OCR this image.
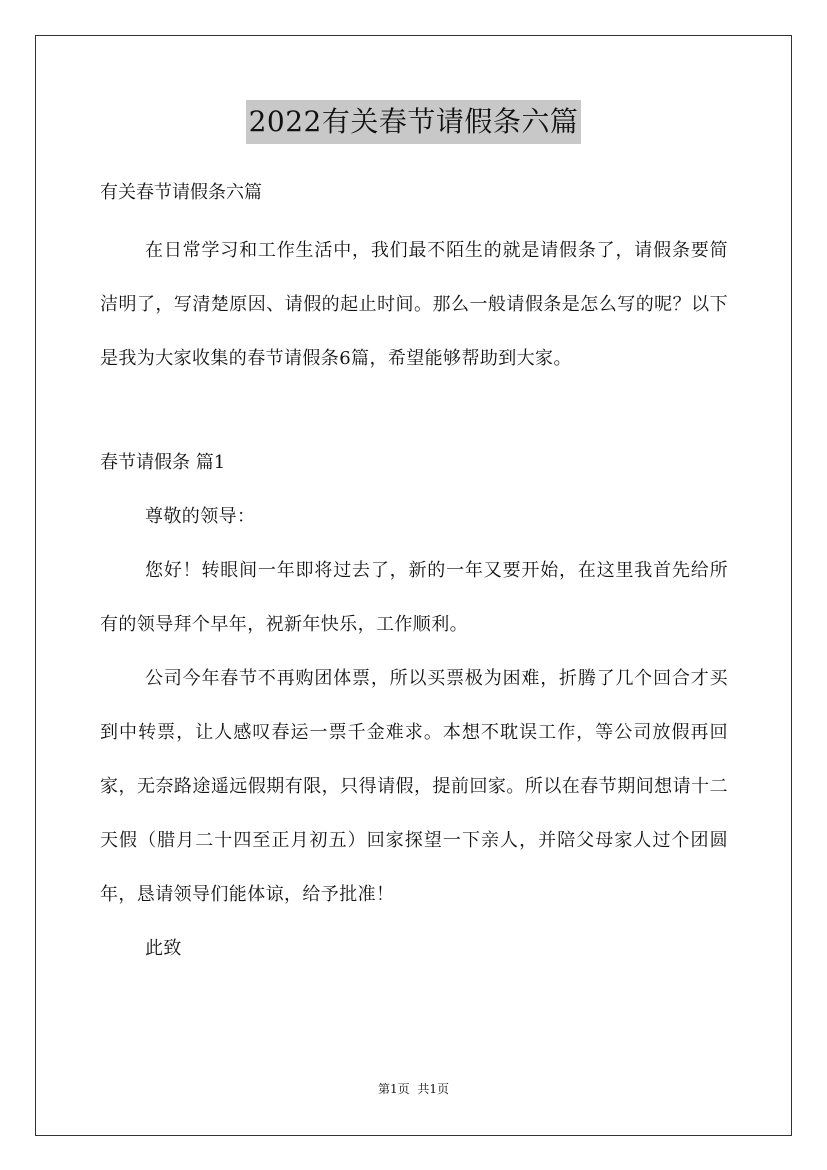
2022有关春节请假条六篇

有关春节请假条六篇

在日常学习和工作生活中，我们最不陌生的就是请假条了，请假条要简洁明了，写清楚原因、请假的起止时间。那么一般请假条是怎么写的呢？以下是我为大家收集的春节请假条6篇，希望能够帮助到大家。

春节请假条 篇1

尊敬的领导：

您好！转眼间一年即将过去了，新的一年又要开始，在这里我首先给所有的领导拜个早年，祝新年快乐，工作顺利。

公司今年春节不再购团体票，所以买票极为困难，折腾了几个回合才买到中转票，让人感叹春运一票千金难求。本想不耽误工作，等公司放假再回家，无奈路途遥远假期有限，只得请假，提前回家。所以在春节期间想请十二天假（腊月二十四至正月初五）回家探望一下亲人，并陪父母家人过个团圆年，恳请领导们能体谅，给予批准！

此致

第1页 共1页
